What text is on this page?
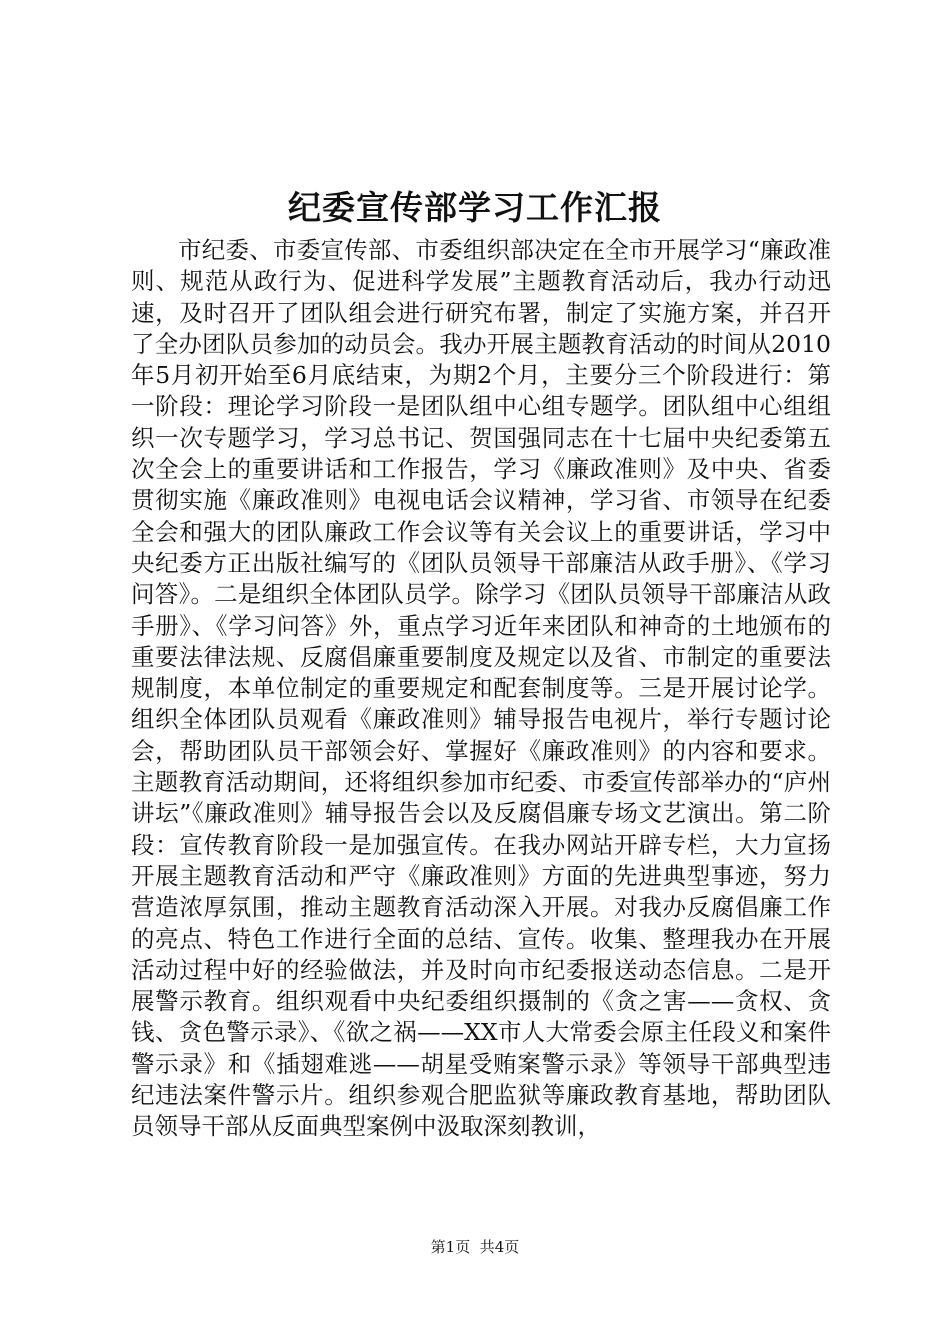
纪委宣传部学习工作汇报

市纪委、市委宣传部、市委组织部决定在全市开展学习“廉政准则、规范从政行为、促进科学发展”主题教育活动后，我办行动迅速，及时召开了团队组会进行研究布署，制定了实施方案，并召开了全办团队员参加的动员会。我办开展主题教育活动的时间从2010年5月初开始至6月底结束，为期2个月，主要分三个阶段进行：第一阶段：理论学习阶段一是团队组中心组专题学。团队组中心组组织一次专题学习，学习总书记、贺国强同志在十七届中央纪委第五次全会上的重要讲话和工作报告，学习《廉政准则》及中央、省委贯彻实施《廉政准则》电视电话会议精神，学习省、市领导在纪委全会和强大的团队廉政工作会议等有关会议上的重要讲话，学习中央纪委方正出版社编写的《团队员领导干部廉洁从政手册》、《学习问答》。二是组织全体团队员学。除学习《团队员领导干部廉洁从政手册》、《学习问答》外，重点学习近年来团队和神奇的土地颁布的重要法律法规、反腐倡廉重要制度及规定以及省、市制定的重要法规制度，本单位制定的重要规定和配套制度等。三是开展讨论学。组织全体团队员观看《廉政准则》辅导报告电视片，举行专题讨论会，帮助团队员干部领会好、掌握好《廉政准则》的内容和要求。主题教育活动期间，还将组织参加市纪委、市委宣传部举办的“庐州讲坛”《廉政准则》辅导报告会以及反腐倡廉专场文艺演出。第二阶段：宣传教育阶段一是加强宣传。在我办网站开辟专栏，大力宣扬开展主题教育活动和严守《廉政准则》方面的先进典型事迹，努力营造浓厚氛围，推动主题教育活动深入开展。对我办反腐倡廉工作的亮点、特色工作进行全面的总结、宣传。收集、整理我办在开展活动过程中好的经验做法，并及时向市纪委报送动态信息。二是开展警示教育。组织观看中央纪委组织摄制的《贪之害——贪权、贪钱、贪色警示录》、《欲之祸——XX市人大常委会原主任段义和案件警示录》和《插翅难逃——胡星受贿案警示录》等领导干部典型违纪违法案件警示片。组织参观合肥监狱等廉政教育基地，帮助团队员领导干部从反面典型案例中汲取深刻教训，

第1页 共4页
